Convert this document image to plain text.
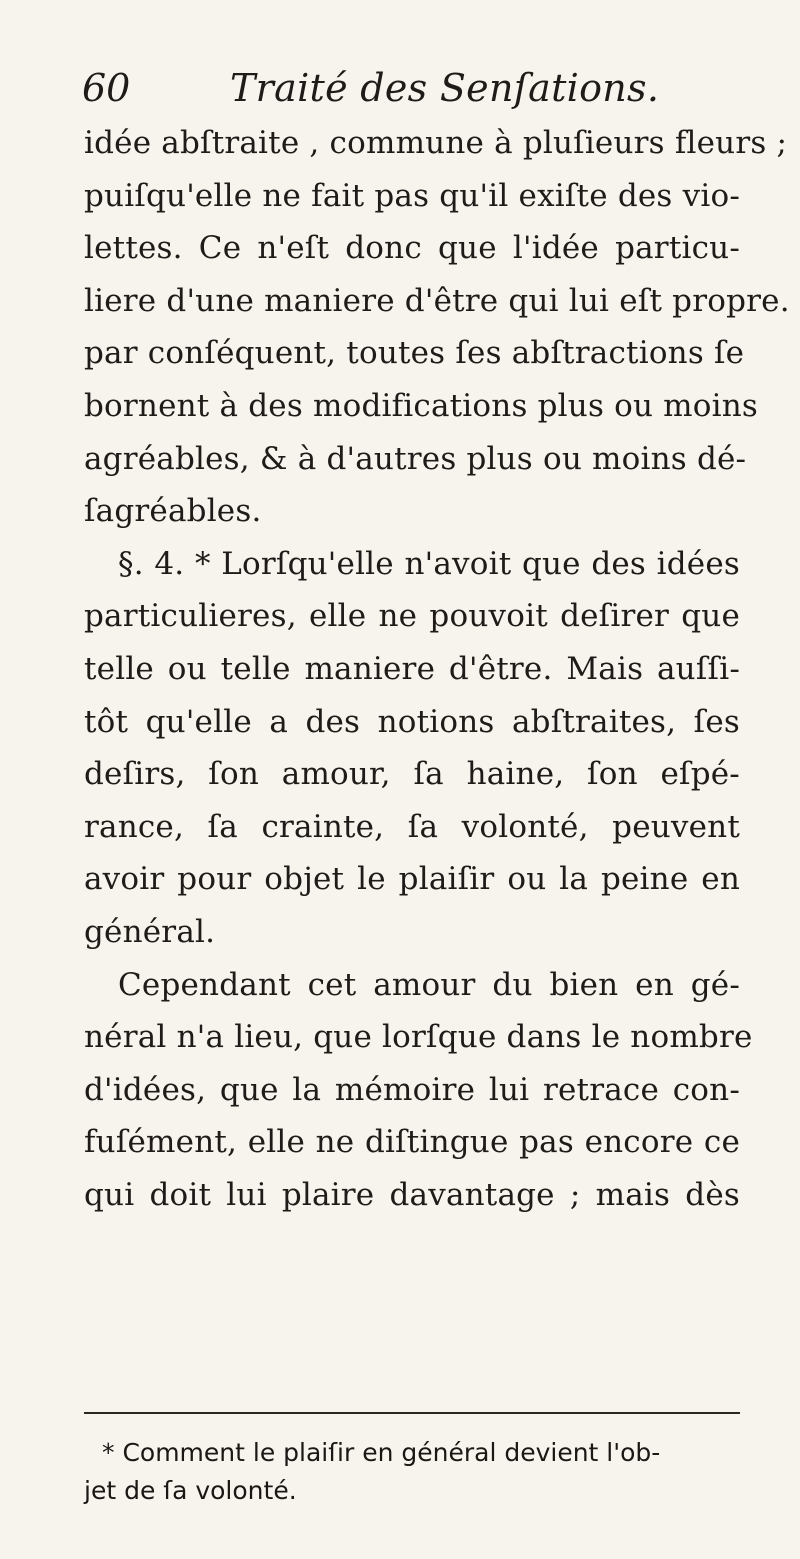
60	Traité des Senſations.
idée abſtraite , commune à pluſieurs fleurs ;
puiſqu'elle ne fait pas qu'il exiſte des vio-
lettes. Ce n'eſt donc que l'idée particu-
liere d'une maniere d'être qui lui eſt propre.
par conſéquent, toutes ſes abſtractions ſe
bornent à des modifications plus ou moins
agréables, & à d'autres plus ou moins dé-
ſagréables.
§. 4. * Lorſqu'elle n'avoit que des idées
particulieres, elle ne pouvoit deſirer que
telle ou telle maniere d'être. Mais auſſi-
tôt qu'elle a des notions abſtraites, ſes
deſirs, ſon amour, ſa haine, ſon eſpé-
rance, ſa crainte, ſa volonté, peuvent
avoir pour objet le plaiſir ou la peine en
général.
Cependant cet amour du bien en gé-
néral n'a lieu, que lorſque dans le nombre
d'idées, que la mémoire lui retrace con-
fuſément, elle ne diſtingue pas encore ce
qui doit lui plaire davantage ; mais dès
* Comment le plaiſir en général devient l'ob-
jet de ſa volonté.
